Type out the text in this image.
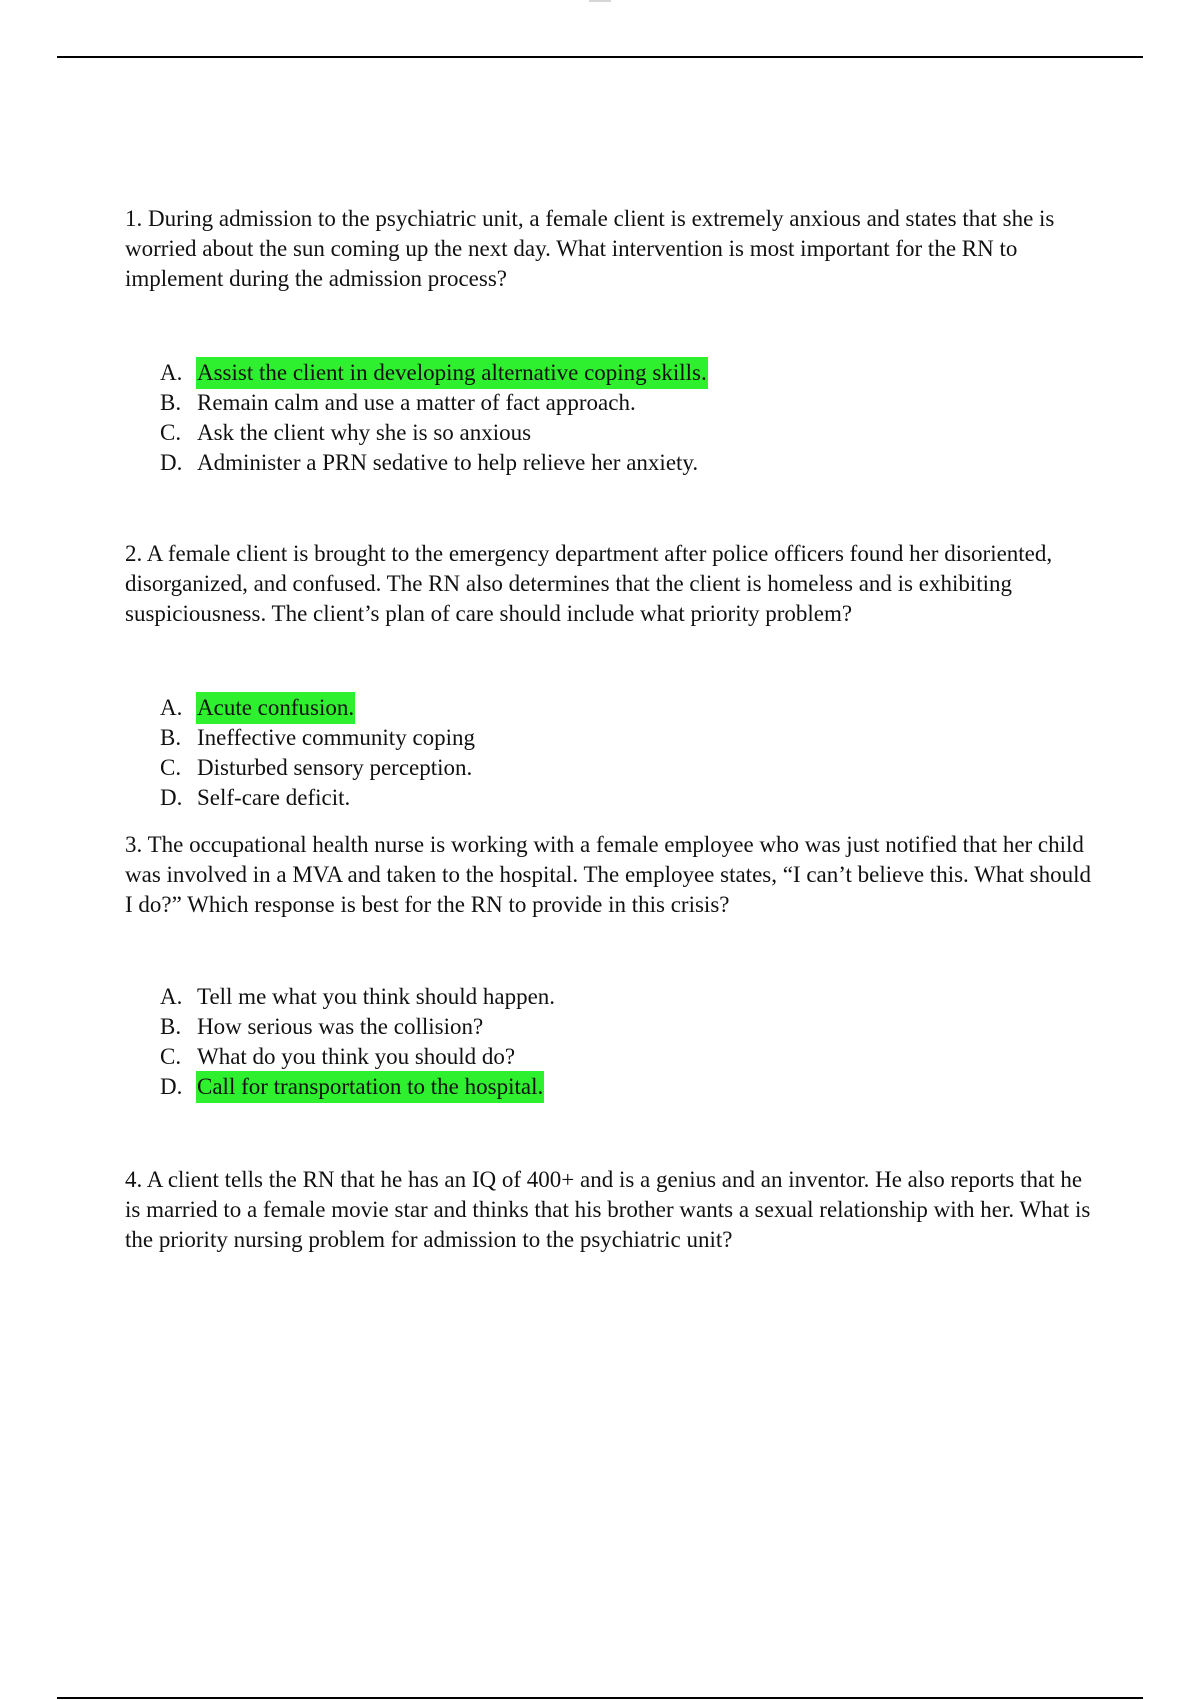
1. During admission to the psychiatric unit, a female client is extremely anxious and states that she is worried about the sun coming up the next day. What intervention is most important for the RN to implement during the admission process?

A. Assist the client in developing alternative coping skills.
B. Remain calm and use a matter of fact approach.
C. Ask the client why she is so anxious
D. Administer a PRN sedative to help relieve her anxiety.

2. A female client is brought to the emergency department after police officers found her disoriented, disorganized, and confused. The RN also determines that the client is homeless and is exhibiting suspiciousness. The client’s plan of care should include what priority problem?

A. Acute confusion.
B. Ineffective community coping
C. Disturbed sensory perception.
D. Self-care deficit.

3. The occupational health nurse is working with a female employee who was just notified that her child was involved in a MVA and taken to the hospital. The employee states, “I can’t believe this. What should I do?” Which response is best for the RN to provide in this crisis?

A. Tell me what you think should happen.
B. How serious was the collision?
C. What do you think you should do?
D. Call for transportation to the hospital.

4. A client tells the RN that he has an IQ of 400+ and is a genius and an inventor. He also reports that he is married to a female movie star and thinks that his brother wants a sexual relationship with her. What is the priority nursing problem for admission to the psychiatric unit?
